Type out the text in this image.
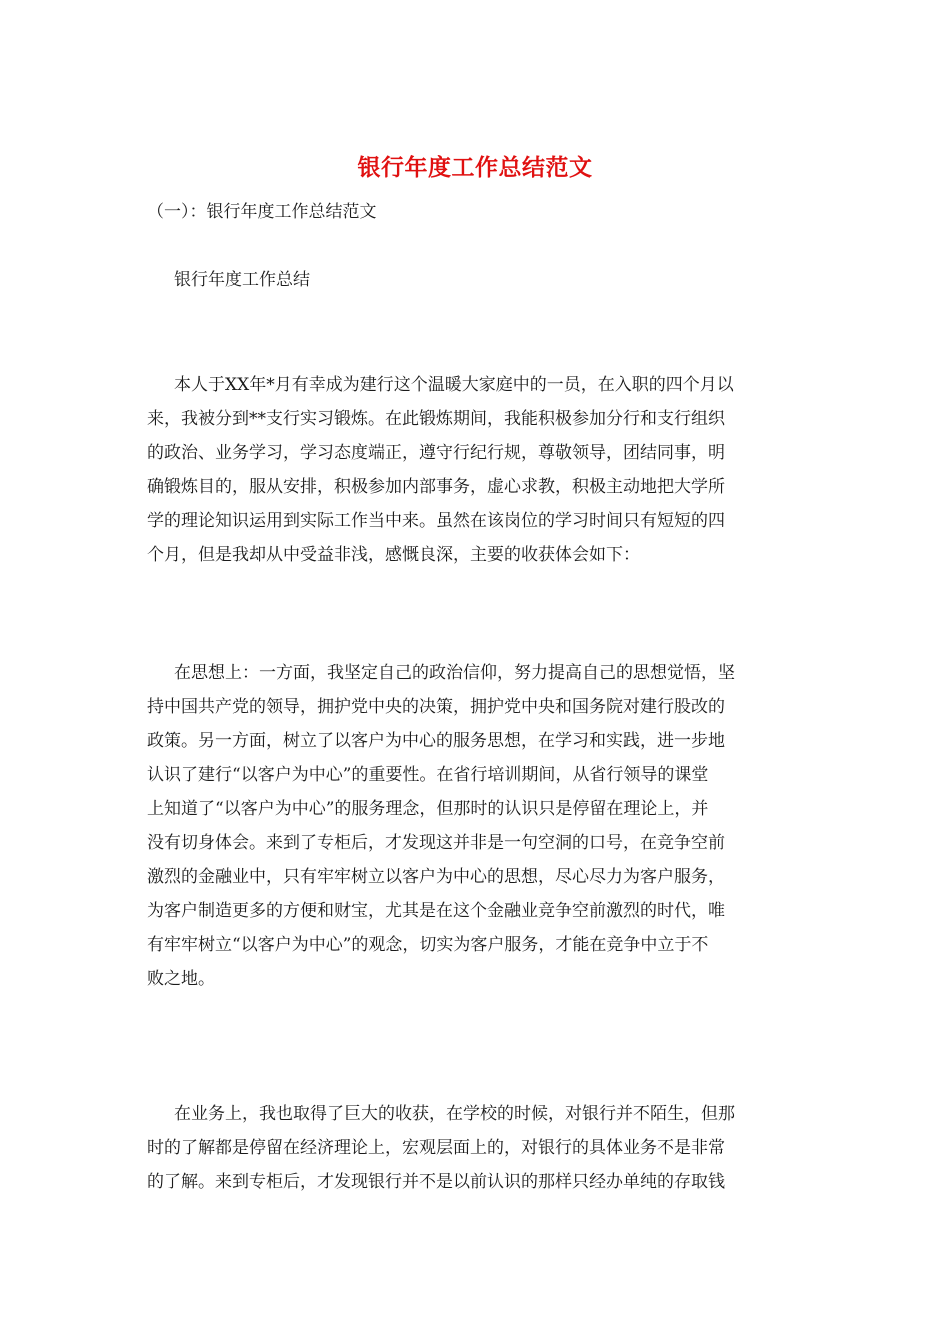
银行年度工作总结范文
（一）：银行年度工作总结范文
银行年度工作总结
本人于XX年*月有幸成为建行这个温暖大家庭中的一员，在入职的四个月以
来，我被分到**支行实习锻炼。在此锻炼期间，我能积极参加分行和支行组织
的政治、业务学习，学习态度端正，遵守行纪行规，尊敬领导，团结同事，明
确锻炼目的，服从安排，积极参加内部事务，虚心求教，积极主动地把大学所
学的理论知识运用到实际工作当中来。虽然在该岗位的学习时间只有短短的四
个月，但是我却从中受益非浅，感慨良深，主要的收获体会如下：
在思想上：一方面，我坚定自己的政治信仰，努力提高自己的思想觉悟，坚
持中国共产党的领导，拥护党中央的决策，拥护党中央和国务院对建行股改的
政策。另一方面，树立了以客户为中心的服务思想，在学习和实践，进一步地
认识了建行“以客户为中心”的重要性。在省行培训期间，从省行领导的课堂
上知道了“以客户为中心”的服务理念，但那时的认识只是停留在理论上，并
没有切身体会。来到了专柜后，才发现这并非是一句空洞的口号，在竞争空前
激烈的金融业中，只有牢牢树立以客户为中心的思想，尽心尽力为客户服务，
为客户制造更多的方便和财宝，尤其是在这个金融业竞争空前激烈的时代，唯
有牢牢树立“以客户为中心”的观念，切实为客户服务，才能在竞争中立于不
败之地。
在业务上，我也取得了巨大的收获，在学校的时候，对银行并不陌生，但那
时的了解都是停留在经济理论上，宏观层面上的，对银行的具体业务不是非常
的了解。来到专柜后，才发现银行并不是以前认识的那样只经办单纯的存取钱
